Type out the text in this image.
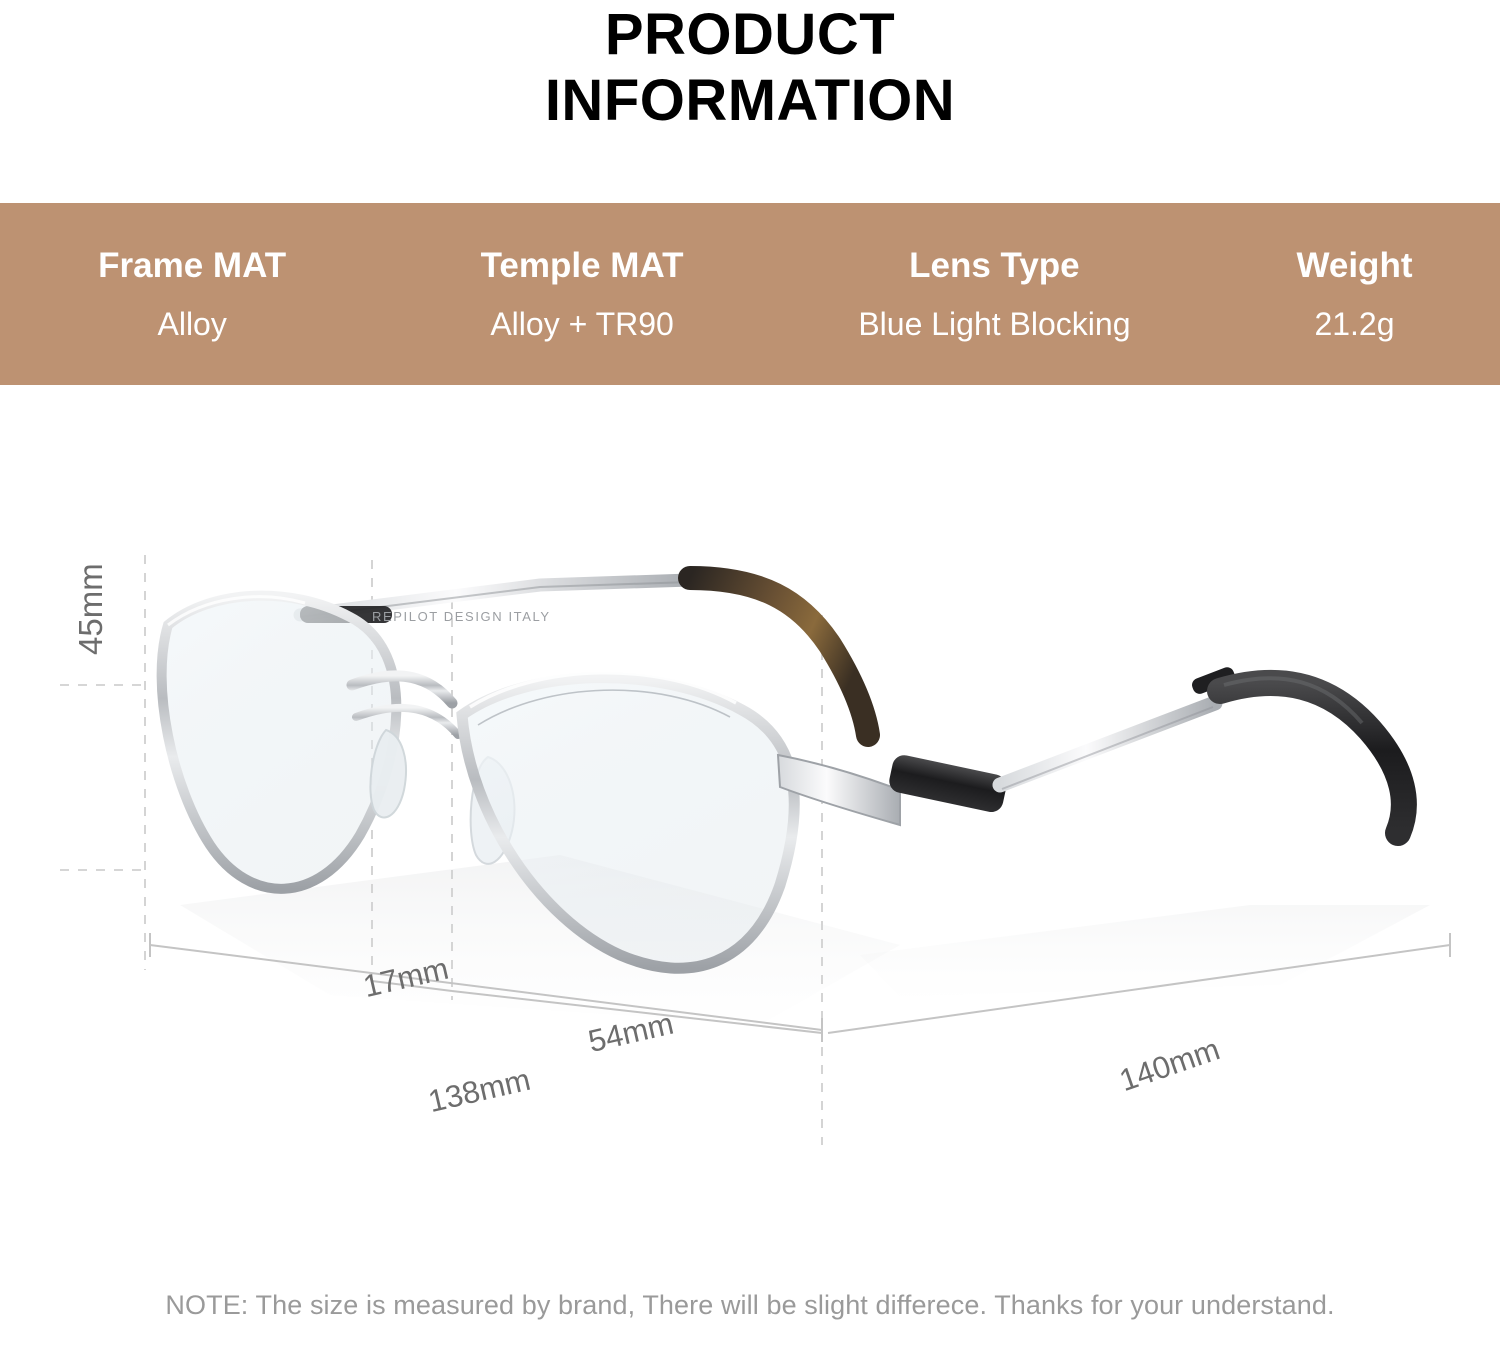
PRODUCT
INFORMATION
Frame MAT
Alloy
Temple MAT
Alloy + TR90
Lens Type
Blue Light Blocking
Weight
21.2g
REPILOT DESIGN ITALY
45mm
17mm
54mm
138mm	140mm
NOTE: The size is measured by brand, There will be slight differece. Thanks for your understand.
